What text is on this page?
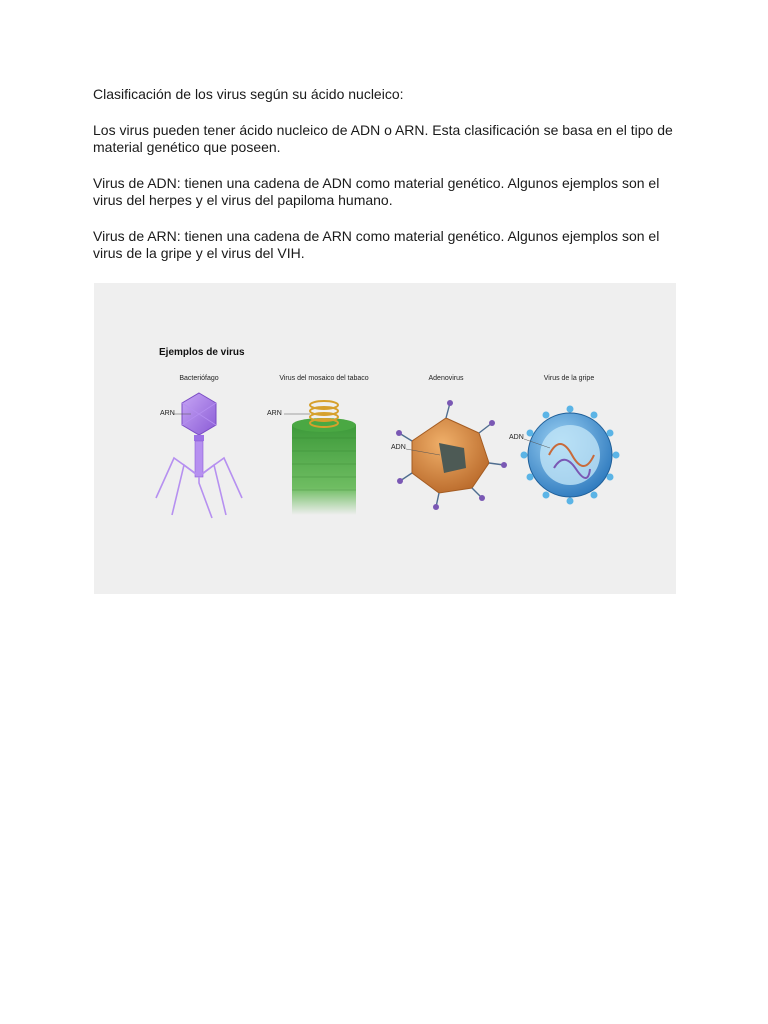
Clasificación de los virus según su ácido nucleico:

Los virus pueden tener ácido nucleico de ADN o ARN. Esta clasificación se basa en el tipo de material genético que poseen.

Virus de ADN: tienen una cadena de ADN como material genético. Algunos ejemplos son el virus del herpes y el virus del papiloma humano.

Virus de ARN: tienen una cadena de ARN como material genético. Algunos ejemplos son el virus de la gripe y el virus del VIH.

Ejemplos de virus
Bacteriófago	Virus del mosaico del tabaco	Adenovirus	Virus de la gripe
ARN	ARN
ADN
ADN
